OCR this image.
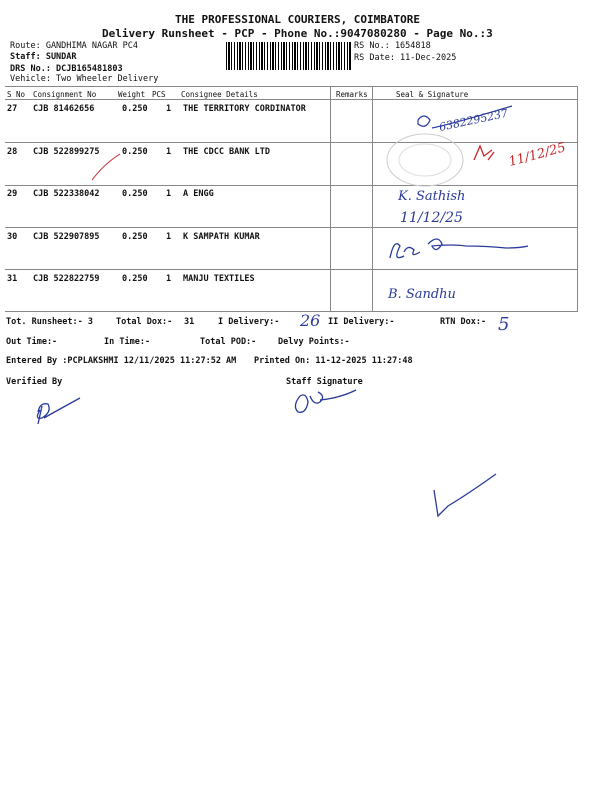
THE PROFESSIONAL COURIERS, COIMBATORE
Delivery Runsheet - PCP - Phone No.:9047080280 - Page No.:3
Route: GANDHIMA NAGAR PC4
Staff: SUNDAR
DRS No.: DCJB165481803
Vehicle: Two Wheeler Delivery
RS No.: 1654818
RS Date: 11-Dec-2025
S No Consignment No	Weight PCS Consignee Details	Remarks	Seal & Signature
27 CJB 81462656	0.250 1 THE TERRITORY CORDINATOR
28 CJB 522899275	0.250 1 THE CDCC BANK LTD
29 CJB 522338042	0.250 1 A ENGG
30 CJB 522907895	0.250 1 K SAMPATH KUMAR
31 CJB 522822759	0.250 1 MANJU TEXTILES
Tot. Runsheet:- 3	Total Dox:- 31	I Delivery:-	II Delivery:-	RTN Dox:-
Out Time:-	In Time:-	Total POD:-	Delvy Points:-
Entered By :PCPLAKSHMI 12/11/2025 11:27:52 AM Printed On: 11-12-2025 11:27:48
Verified By	Staff Signature
6382295237
11/12/25
K. Sathish
11/12/25
B. Sandhu
26	5
